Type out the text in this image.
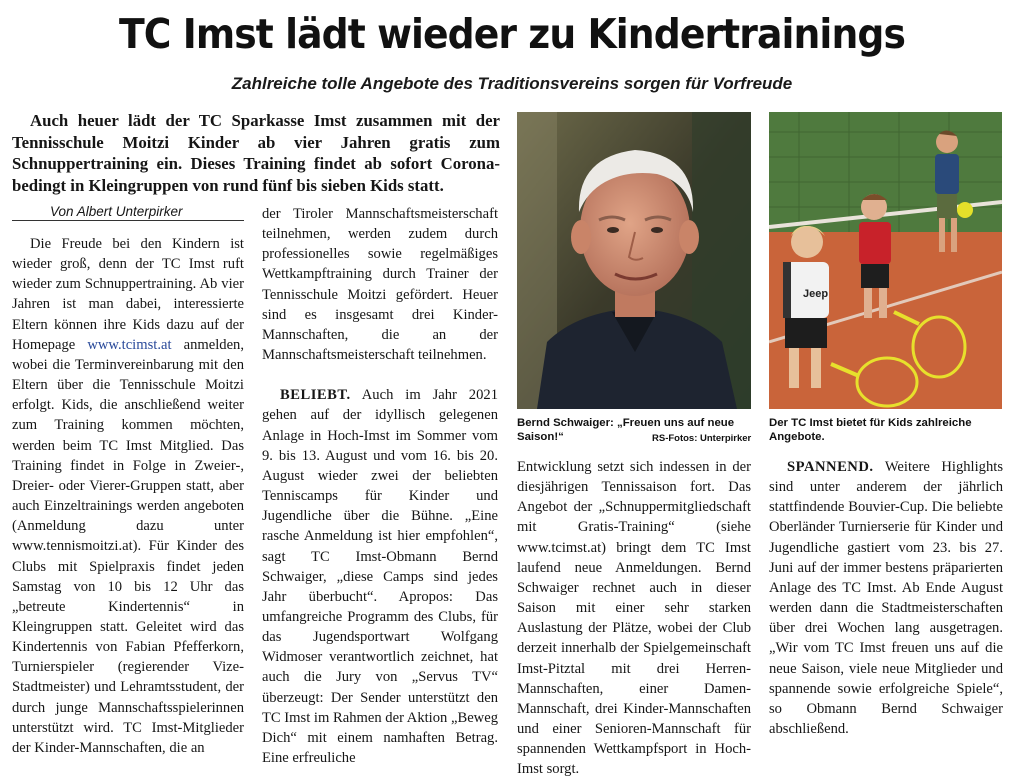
TC Imst lädt wieder zu Kindertrainings
Zahlreiche tolle Angebote des Traditionsvereins sorgen für Vorfreude

Auch heuer lädt der TC Sparkasse Imst zusammen mit der Tennisschule Moitzi Kinder ab vier Jahren gratis zum Schnuppertraining ein. Dieses Training findet ab sofort Corona-bedingt in Kleingruppen von rund fünf bis sieben Kids statt.

Von Albert Unterpirker

Die Freude bei den Kindern ist wieder groß, denn der TC Imst ruft wieder zum Schnuppertraining. Ab vier Jahren ist man dabei, interessierte Eltern können ihre Kids dazu auf der Homepage www.tcimst.at anmelden, wobei die Terminvereinbarung mit den Eltern über die Tennisschule Moitzi erfolgt. Kids, die anschließend weiter zum Training kommen möchten, werden beim TC Imst Mitglied. Das Training findet in Folge in Zweier-, Dreier- oder Vierer-Gruppen statt, aber auch Einzeltrainings werden angeboten (Anmeldung dazu unter www.tennismoitzi.at). Für Kinder des Clubs mit Spielpraxis findet jeden Samstag von 10 bis 12 Uhr das „betreute Kindertennis“ in Kleingruppen statt. Geleitet wird das Kindertennis von Fabian Pfefferkorn, Turnierspieler (regierender Vize-Stadtmeister) und Lehramtsstudent, der durch junge Mannschaftsspielerinnen unterstützt wird. TC Imst-Mitglieder der Kinder-Mannschaften, die an

der Tiroler Mannschaftsmeisterschaft teilnehmen, werden zudem durch professionelles sowie regelmäßiges Wettkampftraining durch Trainer der Tennisschule Moitzi gefördert. Heuer sind es insgesamt drei Kinder-Mannschaften, die an der Mannschaftsmeisterschaft teilnehmen.

BELIEBT. Auch im Jahr 2021 gehen auf der idyllisch gelegenen Anlage in Hoch-Imst im Sommer vom 9. bis 13. August und vom 16. bis 20. August wieder zwei der beliebten Tenniscamps für Kinder und Jugendliche über die Bühne. „Eine rasche Anmeldung ist hier empfohlen“, sagt TC Imst-Obmann Bernd Schwaiger, „diese Camps sind jedes Jahr überbucht“. Apropos: Das umfangreiche Programm des Clubs, für das Jugendsportwart Wolfgang Widmoser verantwortlich zeichnet, hat auch die Jury von „Servus TV“ überzeugt: Der Sender unterstützt den TC Imst im Rahmen der Aktion „Beweg Dich“ mit einem namhaften Betrag. Eine erfreuliche

Bernd Schwaiger: „Freuen uns auf neue Saison!“	RS-Fotos: Unterpirker
Jeep
Der TC Imst bietet für Kids zahlreiche Angebote.

Entwicklung setzt sich indessen in der diesjährigen Tennissaison fort. Das Angebot der „Schnuppermitgliedschaft mit Gratis-Training“ (siehe www.tcimst.at) bringt dem TC Imst laufend neue Anmeldungen. Bernd Schwaiger rechnet auch in dieser Saison mit einer sehr starken Auslastung der Plätze, wobei der Club derzeit innerhalb der Spielgemeinschaft Imst-Pitztal mit drei Herren-Mannschaften, einer Damen-Mannschaft, drei Kinder-Mannschaften und einer Senioren-Mannschaft für spannenden Wettkampfsport in Hoch-Imst sorgt.

SPANNEND. Weitere Highlights sind unter anderem der jährlich stattfindende Bouvier-Cup. Die beliebte Oberländer Turnierserie für Kinder und Jugendliche gastiert vom 23. bis 27. Juni auf der immer bestens präparierten Anlage des TC Imst. Ab Ende August werden dann die Stadtmeisterschaften über drei Wochen lang ausgetragen. „Wir vom TC Imst freuen uns auf die neue Saison, viele neue Mitglieder und spannende sowie erfolgreiche Spiele“, so Obmann Bernd Schwaiger abschließend.
